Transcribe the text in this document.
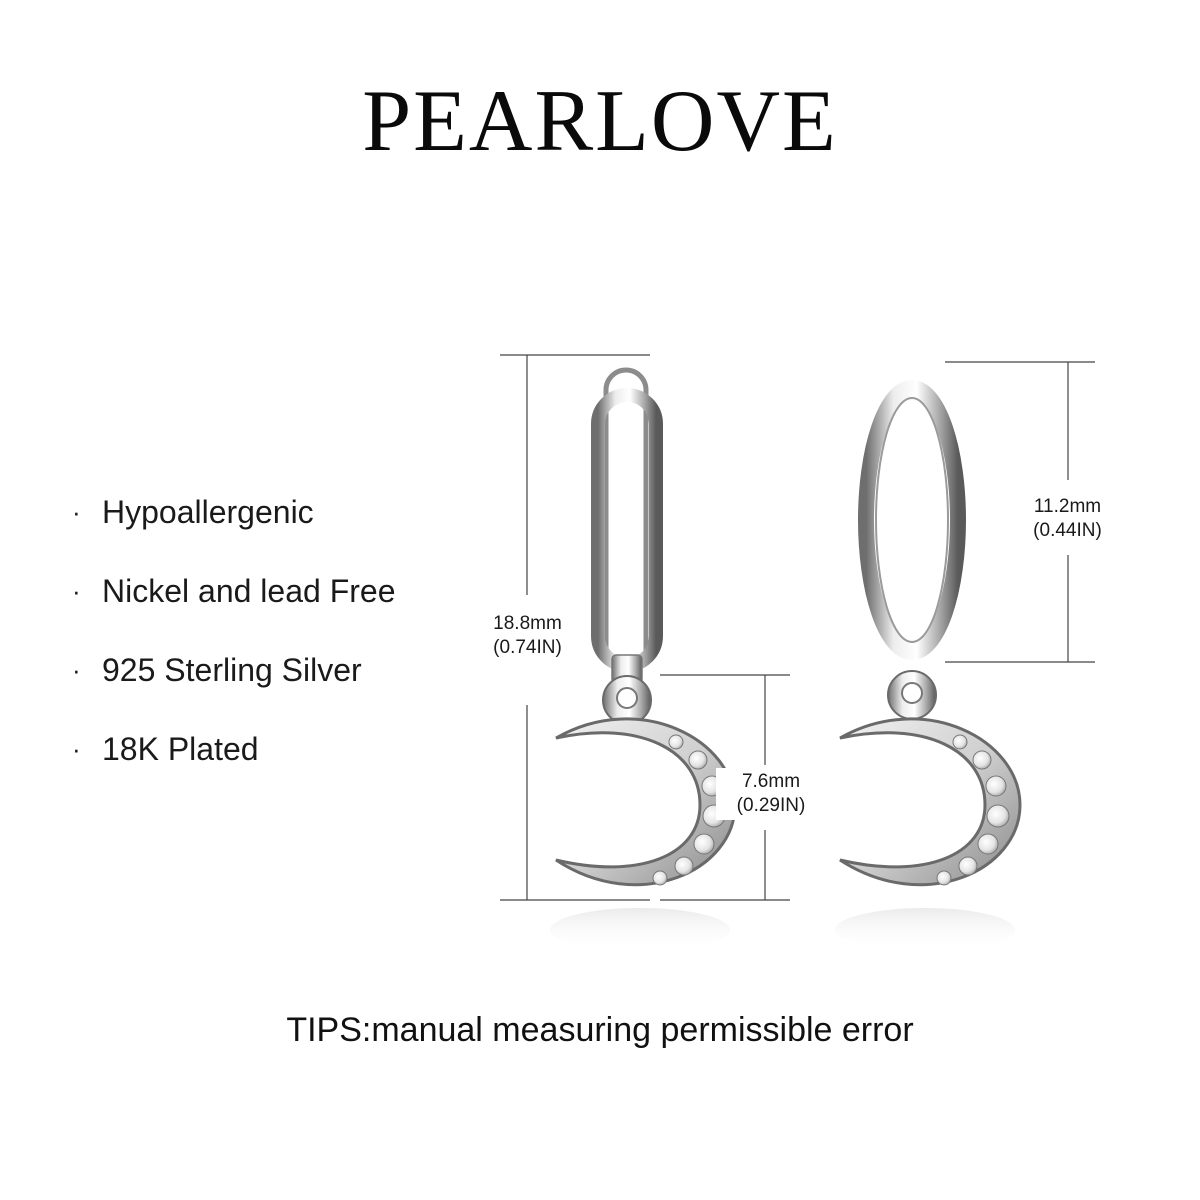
PEARLOVE
· Hypoallergenic
· Nickel and lead Free
· 925 Sterling Silver
· 18K Plated
18.8mm
(0.74IN)
11.2mm
(0.44IN)
7.6mm
(0.29IN)
TIPS:manual measuring permissible error
